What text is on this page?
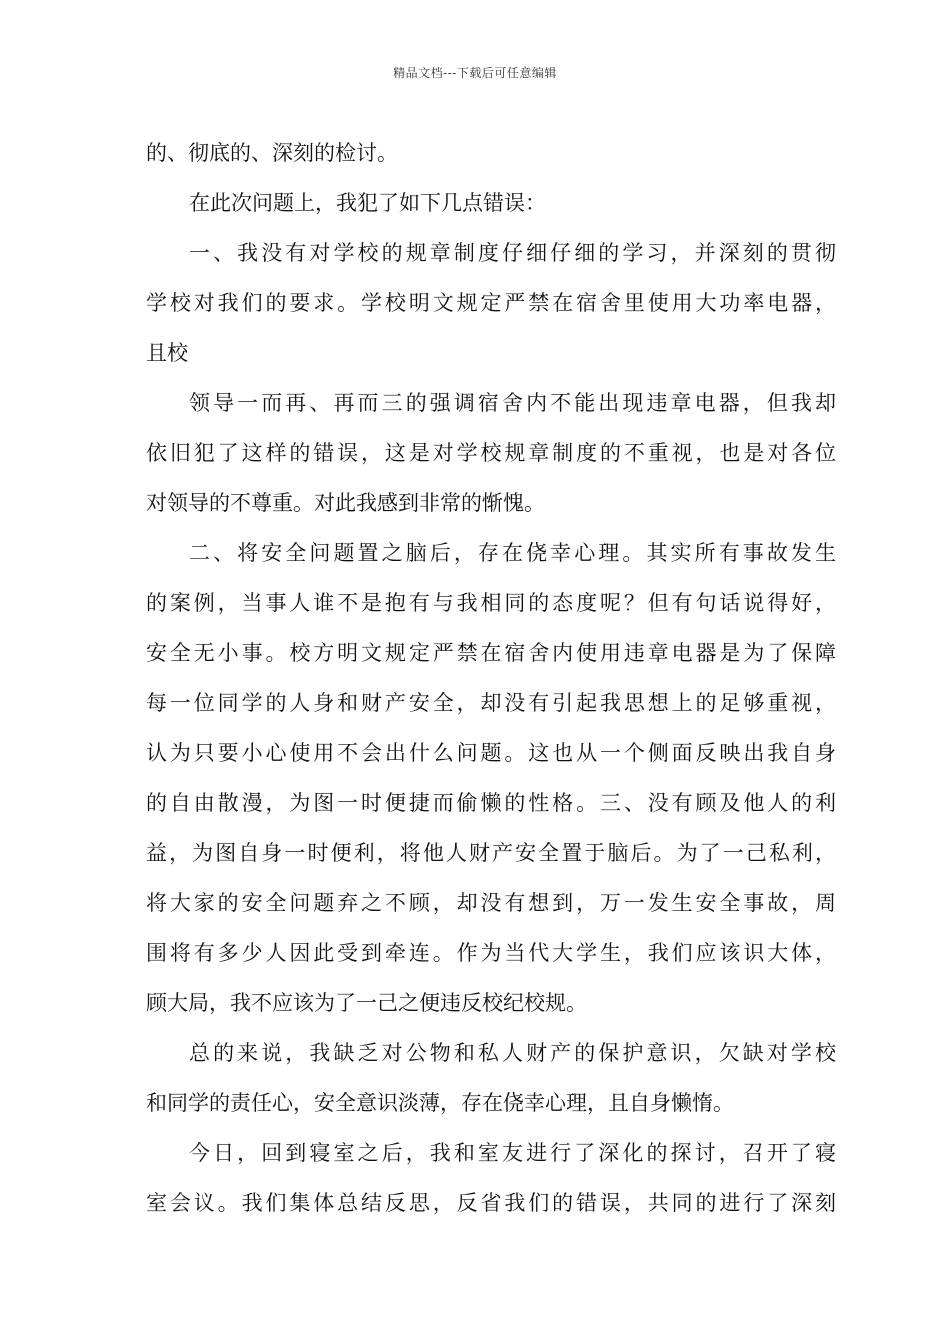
精品文档---下载后可任意编辑
的、彻底的、深刻的检讨。
在此次问题上，我犯了如下几点错误：
一、我没有对学校的规章制度仔细仔细的学习，并深刻的贯彻
学校对我们的要求。学校明文规定严禁在宿舍里使用大功率电器，
且校
领导一而再、再而三的强调宿舍内不能出现违章电器，但我却
依旧犯了这样的错误，这是对学校规章制度的不重视，也是对各位
对领导的不尊重。对此我感到非常的惭愧。
二、将安全问题置之脑后，存在侥幸心理。其实所有事故发生
的案例，当事人谁不是抱有与我相同的态度呢？但有句话说得好，
安全无小事。校方明文规定严禁在宿舍内使用违章电器是为了保障
每一位同学的人身和财产安全，却没有引起我思想上的足够重视，
认为只要小心使用不会出什么问题。这也从一个侧面反映出我自身
的自由散漫，为图一时便捷而偷懒的性格。三、没有顾及他人的利
益，为图自身一时便利，将他人财产安全置于脑后。为了一己私利，
将大家的安全问题弃之不顾，却没有想到，万一发生安全事故，周
围将有多少人因此受到牵连。作为当代大学生，我们应该识大体，
顾大局，我不应该为了一己之便违反校纪校规。
总的来说，我缺乏对公物和私人财产的保护意识，欠缺对学校
和同学的责任心，安全意识淡薄，存在侥幸心理，且自身懒惰。
今日，回到寝室之后，我和室友进行了深化的探讨，召开了寝
室会议。我们集体总结反思，反省我们的错误，共同的进行了深刻
